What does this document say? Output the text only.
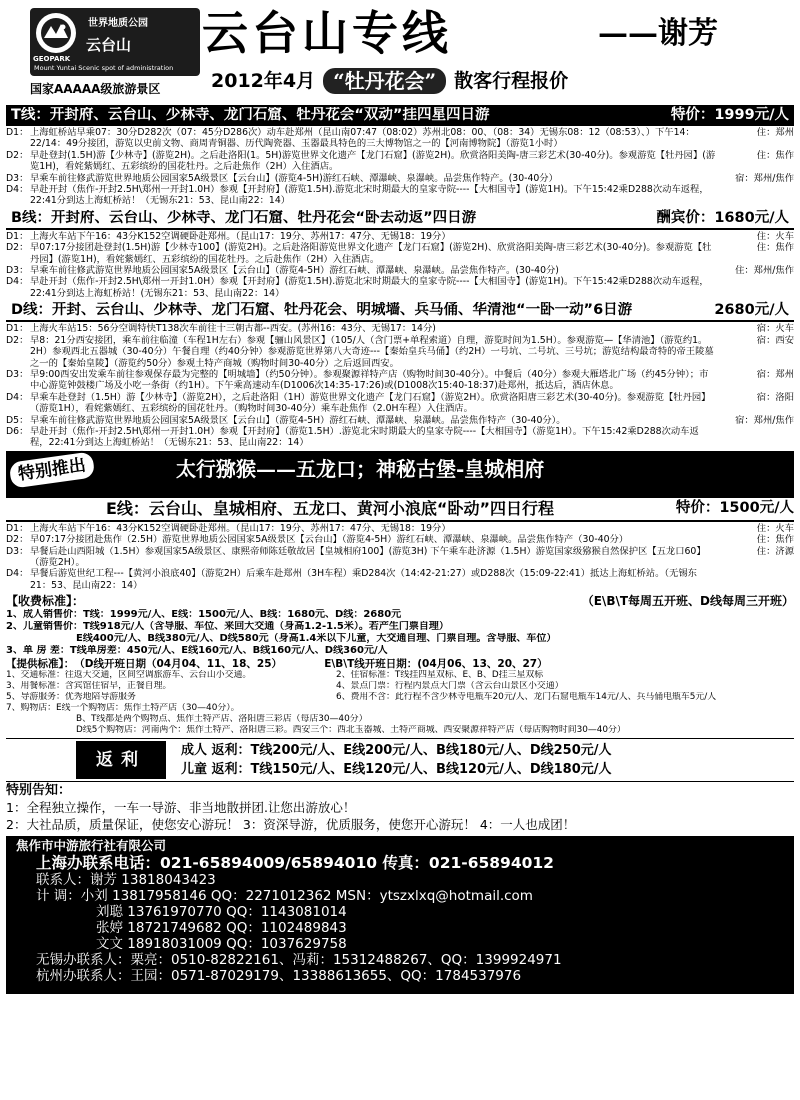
GEOPARK
世界地质公园
云台山
Mount Yuntai Scenic spot of administration
国家AAAAA级旅游景区
云台山专线	——谢芳
2012年4月 “牡丹花会” 散客行程报价
T线：开封府、云台山、少林寺、龙门石窟、牡丹花会“双动”挂四星四日游	特价：1999元/人
D1： 上海虹桥站早乘07：30分D282次（07：45分D286次）动车赴郑州（昆山南07:47（08:02）苏州北08：00、（08：34）无锡东08：12（08:53）、）下午14：22/14：49分接团，游览以史前文物、商周青铜器、历代陶瓷器、玉器最具特色的三大博物馆之一的【河南博物院】（游览1小时）
住：郑州
D2： 早赴登封(1.5H)游【少林寺】(游览2H)。之后赴洛阳(1。5H)游览世界文化遗产【龙门石窟】(游览2H)。欣赏洛阳美陶-唐三彩艺术(30-40分)。参观游览【牡丹园】(游览1H)，看姹紫嫣红、五彩缤纷的国花牡丹。之后赴焦作（2H）入住酒店。
住：焦作
D3： 早乘车前往修武游览世界地质公园国家5A级景区【云台山】(游览4-5H)游红石峡、潭瀑峡、泉瀑峡。品尝焦作特产。(30-40分）	宿：郑州/焦作
D4： 早赴开封（焦作-开封2.5H\郑州一开封1.0H）参观【开封府】(游览1.5H).游览北宋时期最大的皇家寺院----【大相国寺】(游览1H)。下午15:42乘D288次动车返程，22:41分到达上海虹桥站！（无锡东21：53、昆山南22：14）
B线：开封府、云台山、少林寺、龙门石窟、牡丹花会“卧去动返”四日游	酬宾价：1680元/人
D1： 上海火车站下午16：43分K152空调硬卧赴郑州。（昆山17：19分、苏州17：47分、无锡18：19分）	住：火车
D2： 早07:17分接团赴登封(1.5H)游【少林寺100】(游览2H)。之后赴洛阳游览世界文化遗产【龙门石窟】(游览2H)、欣赏洛阳美陶-唐三彩艺术(30-40分)。参观游览【牡丹园】(游览1H)，看姹紫嫣红、五彩缤纷的国花牡丹。之后赴焦作（2H）入住酒店。
住：焦作
D3： 早乘车前往修武游览世界地质公园国家5A级景区【云台山】（游览4-5H）游红石峡、潭瀑峡、泉瀑峡。品尝焦作特产。(30-40分)	住：郑州/焦作
D4： 早赴开封（焦作-开封2.5H\郑州一开封1.0H）参观【开封府】(游览1.5H).游览北宋时期最大的皇家寺院----【大相国寺】(游览1H)。下午15:42乘D288次动车返程，22:41分到达上海虹桥站！(无锡东21：53、昆山南22：14）
D线：开封、云台山、少林寺、龙门石窟、牡丹花会、明城墙、兵马俑、华清池“一卧一动”6日游	2680元/人
D1： 上海火车站15：56分空调特快T138次车前往十三朝古都--西安。(苏州16：43分、无锡17：14分)	宿：火车
D2： 早8：21分西安接团，乘车前往临潼（车程1H左右）参观【骊山风景区】（105/人（含门票+单程索道）自理，游览时间为1.5H）。参观游览—【华清池】（游览约1。2H）参观西北五器城（30-40分）午餐自理（约40分钟）参观游览世界第八大奇迹---【秦始皇兵马俑】（约2H）一号坑、二号坑、三号坑；游览结构最奇特的帝王陵墓之一的【秦始皇陵】（游览约50分）参观土特产商城（购物时间30-40分）之后返回西安。
宿：西安
D3： 早9:00西安出发乘车前往参观保存最为完整的【明城墙】（约50分钟）。参观聚源祥特产店（购物时间30-40分）。中餐后（40分）参观大雁塔北广场（约45分钟）；市中心游览钟鼓楼广场及小吃一条街（约1H）。下午乘高速动车(D1006次14:35-17:26)或(D1008次15:40-18:37)赴郑州，抵达后，酒店休息。
宿：郑州
D4： 早乘车赴登封（1.5H）游【少林寺】（游览2H），之后赴洛阳（1H）游览世界文化遗产【龙门石窟】（游览2H）。欣赏洛阳唐三彩艺术(30-40分)。参观游览【牡丹园】（游览1H），看姹紫嫣红、五彩缤纷的国花牡丹。（购物时间30-40分）乘车赴焦作（2.0H车程）入住酒店。
宿：洛阳
D5： 早乘车前往修武游览世界地质公园国家5A级景区【云台山】（游览4-5H）游红石峡、潭瀑峡、泉瀑峡。品尝焦作特产（30-40分）。	宿：郑州/焦作
D6： 早赴开封（焦作-开封2.5H\郑州一开封1.0H）参观【开封府】（游览1.5H）.游览北宋时期最大的皇家寺院----【大相国寺】（游览1H）。下午15:42乘D288次动车返程，22:41分到达上海虹桥站！（无锡东21：53、昆山南22：14）
特别推出	太行猕猴——五龙口；神秘古堡-皇城相府
E线：云台山、皇城相府、五龙口、黄河小浪底“卧动”四日行程	特价：1500元/人
D1： 上海火车站下午16：43分K152空调硬卧赴郑州。（昆山17：19分、苏州17：47分、无锡18：19分）	住：火车
D2： 早07:17分接团赴焦作（2.5H）游览世界地质公园国家5A级景区【云台山】（游览4-5H）游红石峡、潭瀑峡、泉瀑峡。品尝焦作特产（30-40分）	住：焦作
D3： 早餐后赴山西阳城（1.5H）参观国家5A级景区、康熙帝师陈廷敬故居【皇城相府100】(游览3H) 下午乘车赴济源（1.5H）游览国家级猕猴自然保护区【五龙口60】（游览2H）。
住：济源
D4： 早餐后游览世纪工程---【黄河小浪底40】（游览2H）后乘车赴郑州（3H车程）乘D284次（14:42-21:27）或D288次（15:09-22:41）抵达上海虹桥站。（无锡东21：53、昆山南22：14）
【收费标准】：	（E\B\T每周五开班、D线每周三开班）
1、成人销售价：T线：1999元/人、E线：1500元/人、B线：1680元、D线：2680元
2、儿童销售价：T线918元/人（含导服、车位、来回大交通（身高1.2-1.5米）。若产生门票自理）
E线400元/人、B线380元/人、D线580元（身高1.4米以下儿童，大交通自理、门票自理。含导服、车位）
3、单 房 差：T线单房差：450元/人、E线160元/人、B线160元/人、D线360元/人
【提供标准】： （D线开班日期（04月04、11、18、25）	E\B\T线开班日期：(04月06、13、20、27）
1、交通标准：往返大交通，区间空调旅游车、云台山小交通。	2、住宿标准：T线挂四星双标、E、B、D挂三星双标
3、用餐标准：含宾馆住宿早，正餐自理。	4、景点门票：行程内景点大门票（含云台山景区小交通）
5、导游服务：优秀地陪导游服务	6、费用不含：此行程不含少林寺电瓶车20元/人、龙门石窟电瓶车14元/人、兵马俑电瓶车5元/人
7、购物店：E线一个购物店：焦作土特产店（30—40分）。
B、T线都是两个购物点、焦作土特产店、洛阳唐三彩店（每店30—40分）
D线5个购物店：河南两个：焦作土特产、洛阳唐三彩。西安三个：西北玉器城、土特产商城、西安聚源祥特产店（每店购物时间30—40分）
返利	成人 返利：T线200元/人、E线200元/人、B线180元/人、D线250元/人
儿童 返利：T线150元/人、E线120元/人、B线120元/人、D线180元/人
特别告知：
1：全程独立操作，一车一导游、非当地散拼团.让您出游放心！
2：大社品质，质量保证，使您安心游玩！ 3：资深导游，优质服务，使您开心游玩！ 4：一人也成团！
焦作市中游旅行社有限公司
上海办联系电话：021-65894009/65894010 传真：021-65894012
联系人：谢芳 13818043423
计 调：小刘 13817958146 QQ：2271012362 MSN：ytszxlxq@hotmail.com
刘聪 13761970770 QQ：1143081014
张婷 18721749682 QQ：1102489843
文文 18918031009 QQ：1037629758
无锡办联系人：栗亮：0510-82822161、冯莉：15312488267、QQ：1399924971
杭州办联系人：王园：0571-87029179、13388613655、QQ：1784537976
